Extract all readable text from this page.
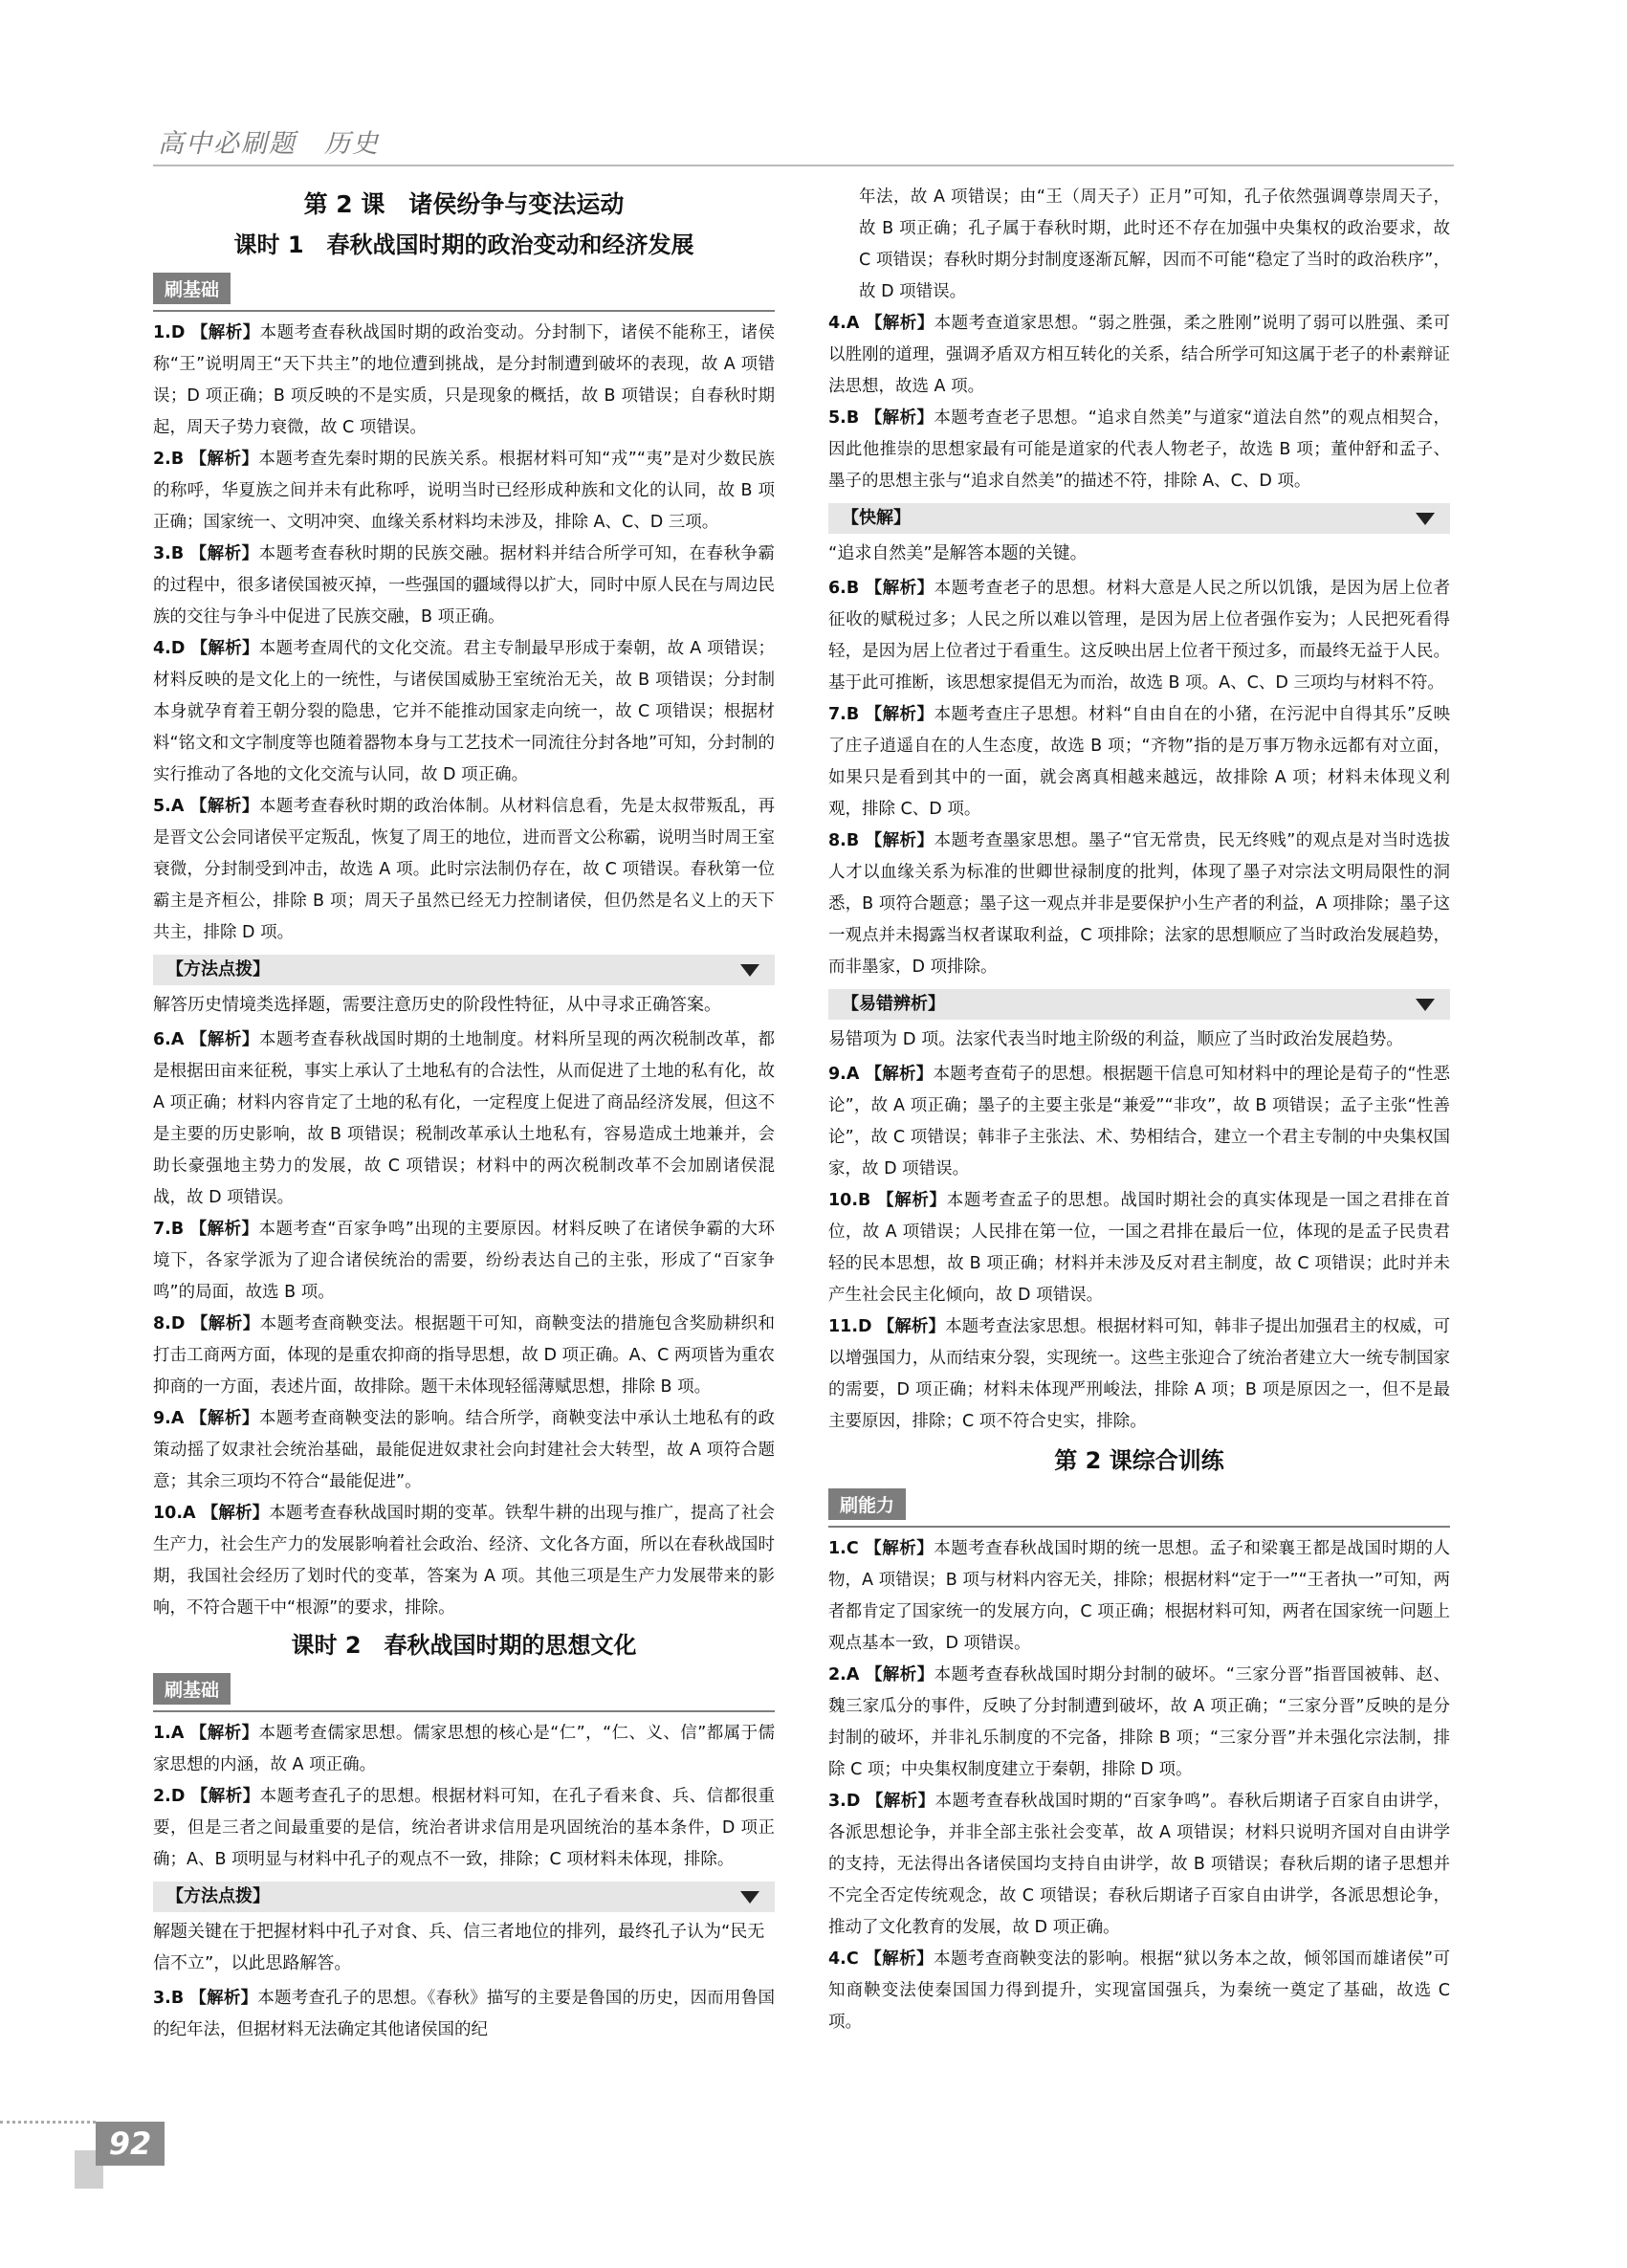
高中必刷题　历史
第 2 课　诸侯纷争与变法运动
课时 1　春秋战国时期的政治变动和经济发展
刷基础

1.D 【解析】本题考查春秋战国时期的政治变动。分封制下，诸侯不能称王，诸侯称“王”说明周王“天下共主”的地位遭到挑战，是分封制遭到破坏的表现，故 A 项错误；D 项正确；B 项反映的不是实质，只是现象的概括，故 B 项错误；自春秋时期起，周天子势力衰微，故 C 项错误。

2.B 【解析】本题考查先秦时期的民族关系。根据材料可知“戎”“夷”是对少数民族的称呼，华夏族之间并未有此称呼，说明当时已经形成种族和文化的认同，故 B 项正确；国家统一、文明冲突、血缘关系材料均未涉及，排除 A、C、D 三项。

3.B 【解析】本题考查春秋时期的民族交融。据材料并结合所学可知，在春秋争霸的过程中，很多诸侯国被灭掉，一些强国的疆域得以扩大，同时中原人民在与周边民族的交往与争斗中促进了民族交融，B 项正确。

4.D 【解析】本题考查周代的文化交流。君主专制最早形成于秦朝，故 A 项错误；材料反映的是文化上的一统性，与诸侯国威胁王室统治无关，故 B 项错误；分封制本身就孕育着王朝分裂的隐患，它并不能推动国家走向统一，故 C 项错误；根据材料“铭文和文字制度等也随着器物本身与工艺技术一同流往分封各地”可知，分封制的实行推动了各地的文化交流与认同，故 D 项正确。

5.A 【解析】本题考查春秋时期的政治体制。从材料信息看，先是太叔带叛乱，再是晋文公会同诸侯平定叛乱，恢复了周王的地位，进而晋文公称霸，说明当时周王室衰微，分封制受到冲击，故选 A 项。此时宗法制仍存在，故 C 项错误。春秋第一位霸主是齐桓公，排除 B 项；周天子虽然已经无力控制诸侯，但仍然是名义上的天下共主，排除 D 项。

【方法点拨】

解答历史情境类选择题，需要注意历史的阶段性特征，从中寻求正确答案。

6.A 【解析】本题考查春秋战国时期的土地制度。材料所呈现的两次税制改革，都是根据田亩来征税，事实上承认了土地私有的合法性，从而促进了土地的私有化，故 A 项正确；材料内容肯定了土地的私有化，一定程度上促进了商品经济发展，但这不是主要的历史影响，故 B 项错误；税制改革承认土地私有，容易造成土地兼并，会助长豪强地主势力的发展，故 C 项错误；材料中的两次税制改革不会加剧诸侯混战，故 D 项错误。

7.B 【解析】本题考查“百家争鸣”出现的主要原因。材料反映了在诸侯争霸的大环境下，各家学派为了迎合诸侯统治的需要，纷纷表达自己的主张，形成了“百家争鸣”的局面，故选 B 项。

8.D 【解析】本题考查商鞅变法。根据题干可知，商鞅变法的措施包含奖励耕织和打击工商两方面，体现的是重农抑商的指导思想，故 D 项正确。A、C 两项皆为重农抑商的一方面，表述片面，故排除。题干未体现轻徭薄赋思想，排除 B 项。

9.A 【解析】本题考查商鞅变法的影响。结合所学，商鞅变法中承认土地私有的政策动摇了奴隶社会统治基础，最能促进奴隶社会向封建社会大转型，故 A 项符合题意；其余三项均不符合“最能促进”。

10.A 【解析】本题考查春秋战国时期的变革。铁犁牛耕的出现与推广，提高了社会生产力，社会生产力的发展影响着社会政治、经济、文化各方面，所以在春秋战国时期，我国社会经历了划时代的变革，答案为 A 项。其他三项是生产力发展带来的影响，不符合题干中“根源”的要求，排除。

课时 2　春秋战国时期的思想文化
刷基础

1.A 【解析】本题考查儒家思想。儒家思想的核心是“仁”，“仁、义、信”都属于儒家思想的内涵，故 A 项正确。

2.D 【解析】本题考查孔子的思想。根据材料可知，在孔子看来食、兵、信都很重要，但是三者之间最重要的是信，统治者讲求信用是巩固统治的基本条件，D 项正确；A、B 项明显与材料中孔子的观点不一致，排除；C 项材料未体现，排除。

【方法点拨】

解题关键在于把握材料中孔子对食、兵、信三者地位的排列，最终孔子认为“民无信不立”，以此思路解答。

3.B 【解析】本题考查孔子的思想。《春秋》描写的主要是鲁国的历史，因而用鲁国的纪年法，但据材料无法确定其他诸侯国的纪

年法，故 A 项错误；由“王（周天子）正月”可知，孔子依然强调尊崇周天子，故 B 项正确；孔子属于春秋时期，此时还不存在加强中央集权的政治要求，故 C 项错误；春秋时期分封制度逐渐瓦解，因而不可能“稳定了当时的政治秩序”，故 D 项错误。

4.A 【解析】本题考查道家思想。“弱之胜强，柔之胜刚”说明了弱可以胜强、柔可以胜刚的道理，强调矛盾双方相互转化的关系，结合所学可知这属于老子的朴素辩证法思想，故选 A 项。

5.B 【解析】本题考查老子思想。“追求自然美”与道家“道法自然”的观点相契合，因此他推崇的思想家最有可能是道家的代表人物老子，故选 B 项；董仲舒和孟子、墨子的思想主张与“追求自然美”的描述不符，排除 A、C、D 项。

【快解】

“追求自然美”是解答本题的关键。

6.B 【解析】本题考查老子的思想。材料大意是人民之所以饥饿，是因为居上位者征收的赋税过多；人民之所以难以管理，是因为居上位者强作妄为；人民把死看得轻，是因为居上位者过于看重生。这反映出居上位者干预过多，而最终无益于人民。基于此可推断，该思想家提倡无为而治，故选 B 项。A、C、D 三项均与材料不符。

7.B 【解析】本题考查庄子思想。材料“自由自在的小猪，在污泥中自得其乐”反映了庄子逍遥自在的人生态度，故选 B 项；“齐物”指的是万事万物永远都有对立面，如果只是看到其中的一面，就会离真相越来越远，故排除 A 项；材料未体现义利观，排除 C、D 项。

8.B 【解析】本题考查墨家思想。墨子“官无常贵，民无终贱”的观点是对当时选拔人才以血缘关系为标准的世卿世禄制度的批判，体现了墨子对宗法文明局限性的洞悉，B 项符合题意；墨子这一观点并非是要保护小生产者的利益，A 项排除；墨子这一观点并未揭露当权者谋取利益，C 项排除；法家的思想顺应了当时政治发展趋势，而非墨家，D 项排除。

【易错辨析】

易错项为 D 项。法家代表当时地主阶级的利益，顺应了当时政治发展趋势。

9.A 【解析】本题考查荀子的思想。根据题干信息可知材料中的理论是荀子的“性恶论”，故 A 项正确；墨子的主要主张是“兼爱”“非攻”，故 B 项错误；孟子主张“性善论”，故 C 项错误；韩非子主张法、术、势相结合，建立一个君主专制的中央集权国家，故 D 项错误。

10.B 【解析】本题考查孟子的思想。战国时期社会的真实体现是一国之君排在首位，故 A 项错误；人民排在第一位，一国之君排在最后一位，体现的是孟子民贵君轻的民本思想，故 B 项正确；材料并未涉及反对君主制度，故 C 项错误；此时并未产生社会民主化倾向，故 D 项错误。

11.D 【解析】本题考查法家思想。根据材料可知，韩非子提出加强君主的权威，可以增强国力，从而结束分裂，实现统一。这些主张迎合了统治者建立大一统专制国家的需要，D 项正确；材料未体现严刑峻法，排除 A 项；B 项是原因之一，但不是最主要原因，排除；C 项不符合史实，排除。

第 2 课综合训练
刷能力

1.C 【解析】本题考查春秋战国时期的统一思想。孟子和梁襄王都是战国时期的人物，A 项错误；B 项与材料内容无关，排除；根据材料“定于一”“王者执一”可知，两者都肯定了国家统一的发展方向，C 项正确；根据材料可知，两者在国家统一问题上观点基本一致，D 项错误。

2.A 【解析】本题考查春秋战国时期分封制的破坏。“三家分晋”指晋国被韩、赵、魏三家瓜分的事件，反映了分封制遭到破坏，故 A 项正确；“三家分晋”反映的是分封制的破坏，并非礼乐制度的不完备，排除 B 项；“三家分晋”并未强化宗法制，排除 C 项；中央集权制度建立于秦朝，排除 D 项。

3.D 【解析】本题考查春秋战国时期的“百家争鸣”。春秋后期诸子百家自由讲学，各派思想论争，并非全部主张社会变革，故 A 项错误；材料只说明齐国对自由讲学的支持，无法得出各诸侯国均支持自由讲学，故 B 项错误；春秋后期的诸子思想并不完全否定传统观念，故 C 项错误；春秋后期诸子百家自由讲学，各派思想论争，推动了文化教育的发展，故 D 项正确。

4.C 【解析】本题考查商鞅变法的影响。根据“狱以务本之故，倾邻国而雄诸侯”可知商鞅变法使秦国国力得到提升，实现富国强兵，为秦统一奠定了基础，故选 C 项。

92
